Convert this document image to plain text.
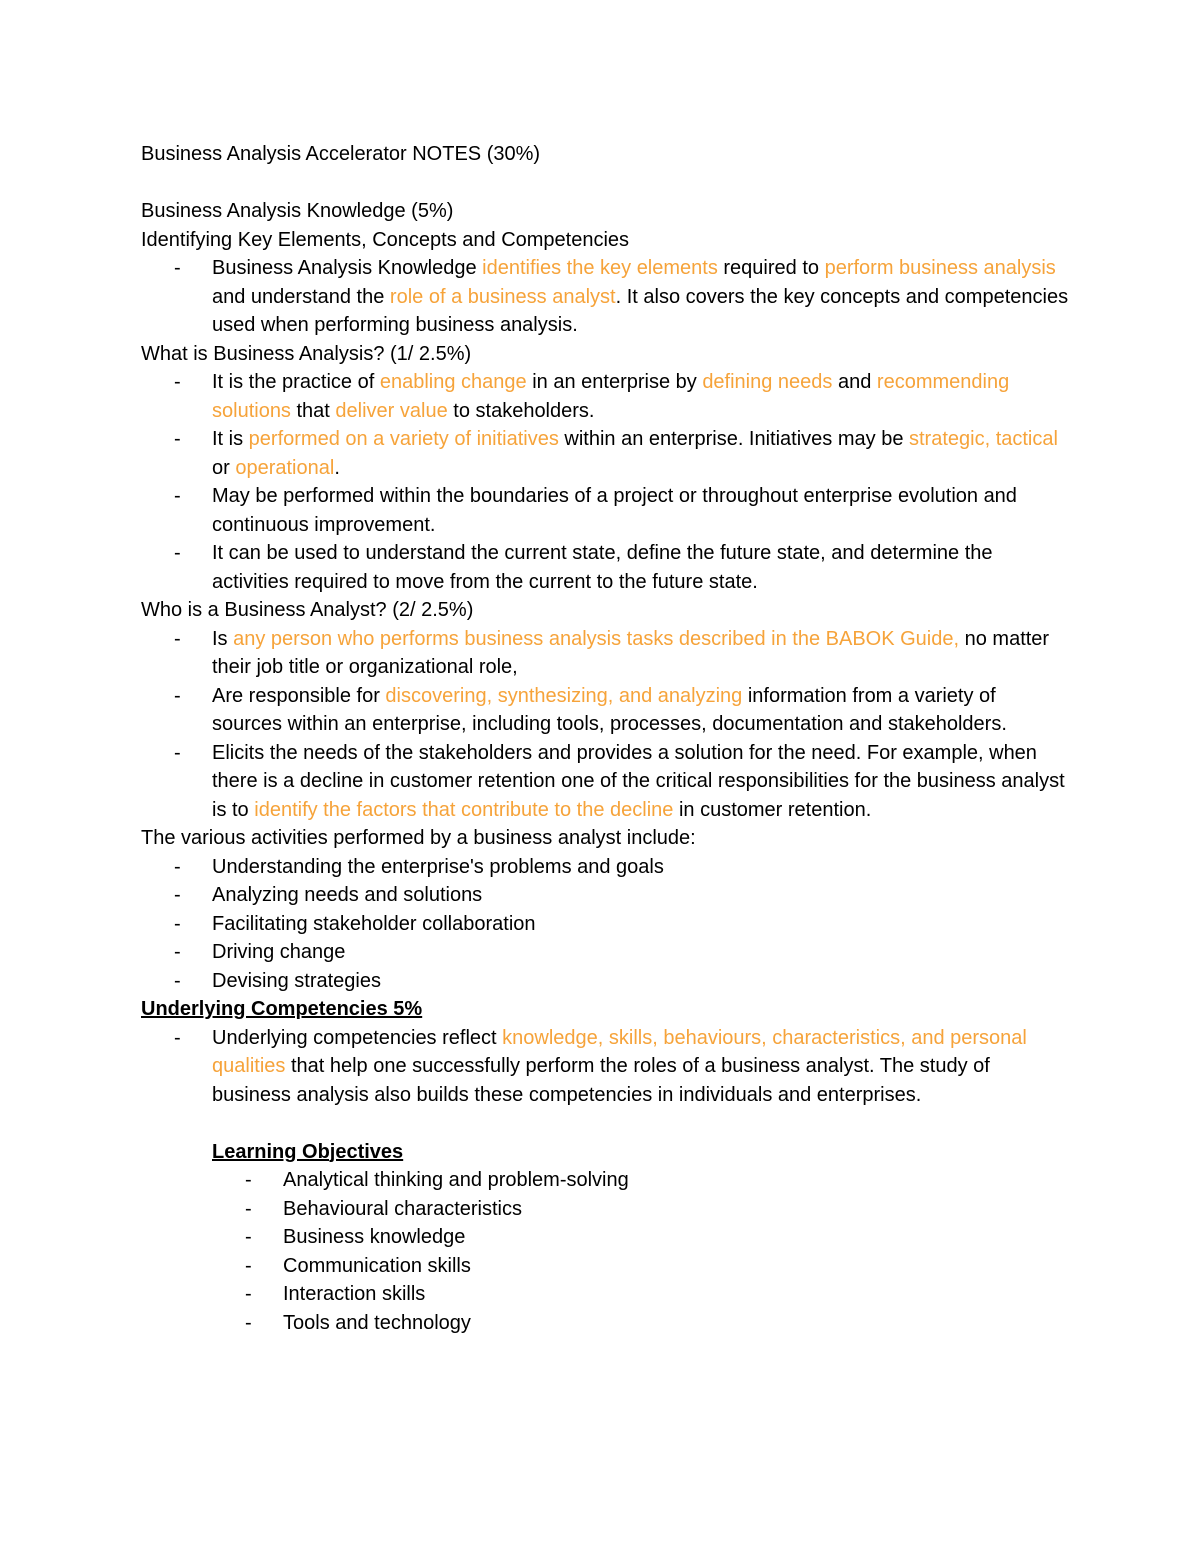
Business Analysis Accelerator NOTES (30%)
Business Analysis Knowledge (5%)
Identifying Key Elements, Concepts and Competencies
- Business Analysis Knowledge identifies the key elements required to perform business analysis and understand the role of a business analyst. It also covers the key concepts and competencies used when performing business analysis.
What is Business Analysis? (1/ 2.5%)
- It is the practice of enabling change in an enterprise by defining needs and recommending solutions that deliver value to stakeholders.
- It is performed on a variety of initiatives within an enterprise. Initiatives may be strategic, tactical or operational.
- May be performed within the boundaries of a project or throughout enterprise evolution and continuous improvement.
- It can be used to understand the current state, define the future state, and determine the activities required to move from the current to the future state.
Who is a Business Analyst? (2/ 2.5%)
- Is any person who performs business analysis tasks described in the BABOK Guide, no matter their job title or organizational role,
- Are responsible for discovering, synthesizing, and analyzing information from a variety of sources within an enterprise, including tools, processes, documentation and stakeholders.
- Elicits the needs of the stakeholders and provides a solution for the need. For example, when there is a decline in customer retention one of the critical responsibilities for the business analyst is to identify the factors that contribute to the decline in customer retention.
The various activities performed by a business analyst include:
- Understanding the enterprise's problems and goals
- Analyzing needs and solutions
- Facilitating stakeholder collaboration
- Driving change
- Devising strategies
Underlying Competencies 5%
- Underlying competencies reflect knowledge, skills, behaviours, characteristics, and personal qualities that help one successfully perform the roles of a business analyst. The study of business analysis also builds these competencies in individuals and enterprises.
Learning Objectives
- Analytical thinking and problem-solving
- Behavioural characteristics
- Business knowledge
- Communication skills
- Interaction skills
- Tools and technology
